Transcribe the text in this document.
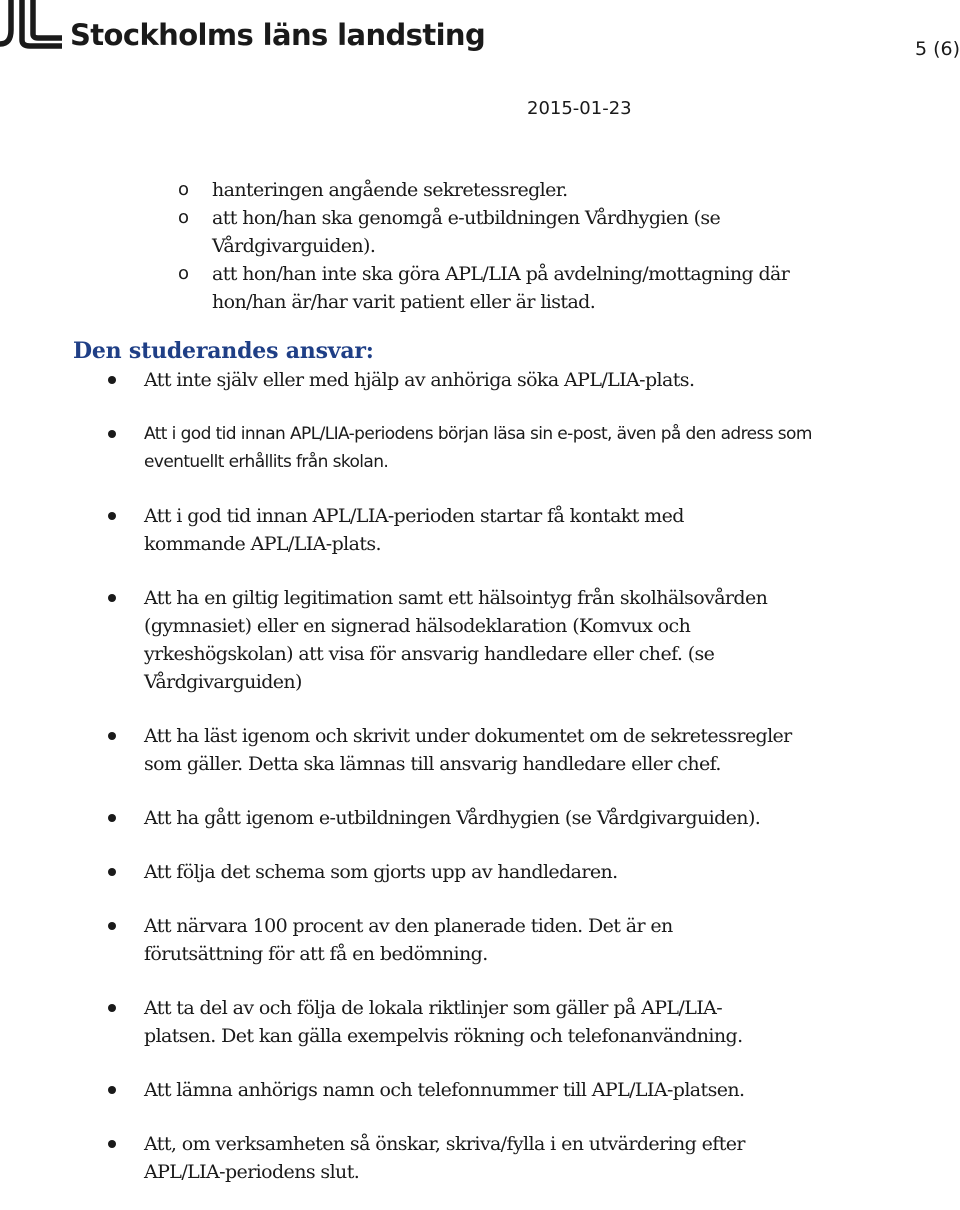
Stockholms läns landsting	5 (6)
2015-01-23
o hanteringen angående sekretessregler.
o att hon/han ska genomgå e-utbildningen Vårdhygien (se Vårdgivarguiden).
o att hon/han inte ska göra APL/LIA på avdelning/mottagning där hon/han är/har varit patient eller är listad.
Den studerandes ansvar:
Att inte själv eller med hjälp av anhöriga söka APL/LIA-plats.
Att i god tid innan APL/LIA-periodens början läsa sin e-post, även på den adress som eventuellt erhållits från skolan.
Att i god tid innan APL/LIA-perioden startar få kontakt med kommande APL/LIA-plats.
Att ha en giltig legitimation samt ett hälsointyg från skolhälsovården (gymnasiet) eller en signerad hälsodeklaration (Komvux och yrkeshögskolan) att visa för ansvarig handledare eller chef. (se Vårdgivarguiden)
Att ha läst igenom och skrivit under dokumentet om de sekretessregler som gäller. Detta ska lämnas till ansvarig handledare eller chef.
Att ha gått igenom e-utbildningen Vårdhygien (se Vårdgivarguiden).
Att följa det schema som gjorts upp av handledaren.
Att närvara 100 procent av den planerade tiden. Det är en förutsättning för att få en bedömning.
Att ta del av och följa de lokala riktlinjer som gäller på APL/LIA-platsen. Det kan gälla exempelvis rökning och telefonanvändning.
Att lämna anhörigs namn och telefonnummer till APL/LIA-platsen.
Att, om verksamheten så önskar, skriva/fylla i en utvärdering efter APL/LIA-periodens slut.
